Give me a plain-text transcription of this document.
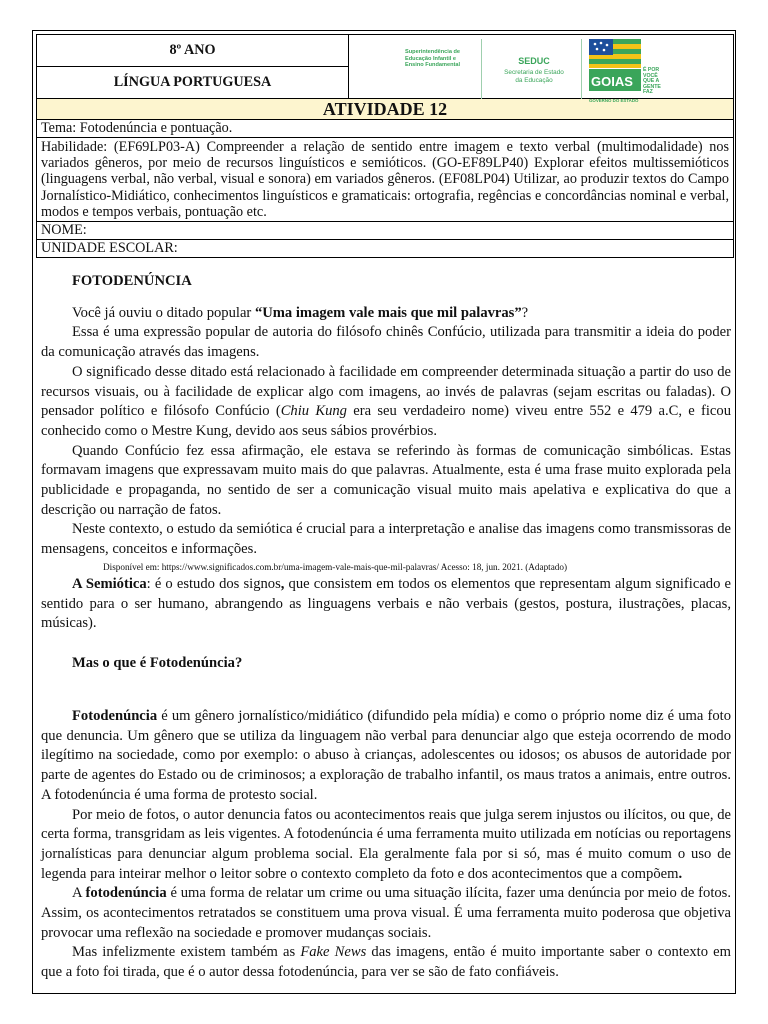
8º ANO	Superintendência de
Educação Infantil e
Ensino Fundamental	SEDUC
Secretaria de Estado
da Educação	GOIAS
É POR
VOCÊ
QUE A
GENTE
FAZ
GOVERNO DO ESTADO

LÍNGUA PORTUGUESA
ATIVIDADE 12
Tema: Fotodenúncia e pontuação.
Habilidade: (EF69LP03-A) Compreender a relação de sentido entre imagem e texto verbal (multimodalidade) nos variados gêneros, por meio de recursos linguísticos e semióticos. (GO-EF89LP40) Explorar efeitos multissemióticos (linguagens verbal, não verbal, visual e sonora) em variados gêneros. (EF08LP04) Utilizar, ao produzir textos do Campo Jornalístico-Midiático, conhecimentos linguísticos e gramaticais: ortografia, regências e concordâncias nominal e verbal, modos e tempos verbais, pontuação etc.
NOME:
UNIDADE ESCOLAR:
FOTODENÚNCIA

Você já ouviu o ditado popular “Uma imagem vale mais que mil palavras”?

Essa é uma expressão popular de autoria do filósofo chinês Confúcio, utilizada para transmitir a ideia do poder da comunicação através das imagens.

O significado desse ditado está relacionado à facilidade em compreender determinada situação a partir do uso de recursos visuais, ou à facilidade de explicar algo com imagens, ao invés de palavras (sejam escritas ou faladas). O pensador político e filósofo Confúcio (Chiu Kung era seu verdadeiro nome) viveu entre 552 e 479 a.C, e ficou conhecido como o Mestre Kung, devido aos seus sábios provérbios.

Quando Confúcio fez essa afirmação, ele estava se referindo às formas de comunicação simbólicas. Estas formavam imagens que expressavam muito mais do que palavras. Atualmente, esta é uma frase muito explorada pela publicidade e propaganda, no sentido de ser a comunicação visual muito mais apelativa e explicativa do que a descrição ou narração de fatos.

Neste contexto, o estudo da semiótica é crucial para a interpretação e analise das imagens como transmissoras de mensagens, conceitos e informações.

Disponível em: https://www.significados.com.br/uma-imagem-vale-mais-que-mil-palavras/ Acesso: 18, jun. 2021. (Adaptado)

A Semiótica: é o estudo dos signos, que consistem em todos os elementos que representam algum significado e sentido para o ser humano, abrangendo as linguagens verbais e não verbais (gestos, postura, ilustrações, placas, músicas).

Mas o que é Fotodenúncia?

Fotodenúncia é um gênero jornalístico/midiático (difundido pela mídia) e como o próprio nome diz é uma foto que denuncia. Um gênero que se utiliza da linguagem não verbal para denunciar algo que esteja ocorrendo de modo ilegítimo na sociedade, como por exemplo: o abuso à crianças, adolescentes ou idosos; os abusos de autoridade por parte de agentes do Estado ou de criminosos; a exploração de trabalho infantil, os maus tratos a animais, entre outros. A fotodenúncia é uma forma de protesto social.

Por meio de fotos, o autor denuncia fatos ou acontecimentos reais que julga serem injustos ou ilícitos, ou que, de certa forma, transgridam as leis vigentes. A fotodenúncia é uma ferramenta muito utilizada em notícias ou reportagens jornalísticas para denunciar algum problema social. Ela geralmente fala por si só, mas é muito comum o uso de legenda para inteirar melhor o leitor sobre o contexto completo da foto e dos acontecimentos que a compõem.

A fotodenúncia é uma forma de relatar um crime ou uma situação ilícita, fazer uma denúncia por meio de fotos. Assim, os acontecimentos retratados se constituem uma prova visual. É uma ferramenta muito poderosa que objetiva provocar uma reflexão na sociedade e promover mudanças sociais.

Mas infelizmente existem também as Fake News das imagens, então é muito importante saber o contexto em que a foto foi tirada, que é o autor dessa fotodenúncia, para ver se são de fato confiáveis.
